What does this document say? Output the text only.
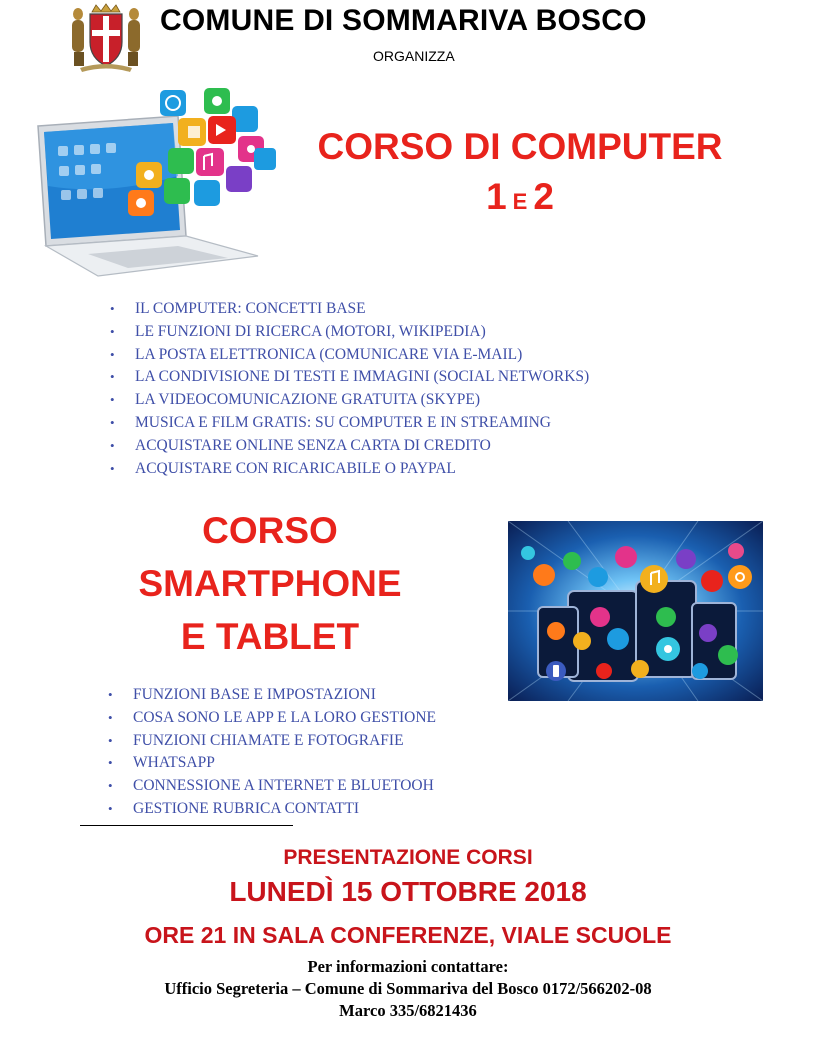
COMUNE DI SOMMARIVA BOSCO
ORGANIZZA
CORSO DI COMPUTER
1 E 2
• IL COMPUTER: CONCETTI BASE
• LE FUNZIONI DI RICERCA (MOTORI, WIKIPEDIA)
• LA POSTA ELETTRONICA (COMUNICARE VIA E-MAIL)
• LA CONDIVISIONE DI TESTI E IMMAGINI (SOCIAL NETWORKS)
• LA VIDEOCOMUNICAZIONE GRATUITA (SKYPE)
• MUSICA E FILM GRATIS: SU COMPUTER E IN STREAMING
• ACQUISTARE ONLINE SENZA CARTA DI CREDITO
• ACQUISTARE CON RICARICABILE O PAYPAL
CORSO
SMARTPHONE
E TABLET
• FUNZIONI BASE E IMPOSTAZIONI
• COSA SONO LE APP E LA LORO GESTIONE
• FUNZIONI CHIAMATE E FOTOGRAFIE
• WHATSAPP
• CONNESSIONE A INTERNET E BLUETOOH
• GESTIONE RUBRICA CONTATTI
PRESENTAZIONE CORSI
LUNEDÌ 15 OTTOBRE 2018
ORE 21 IN SALA CONFERENZE, VIALE SCUOLE
Per informazioni contattare:
Ufficio Segreteria – Comune di Sommariva del Bosco 0172/566202-08
Marco 335/6821436
